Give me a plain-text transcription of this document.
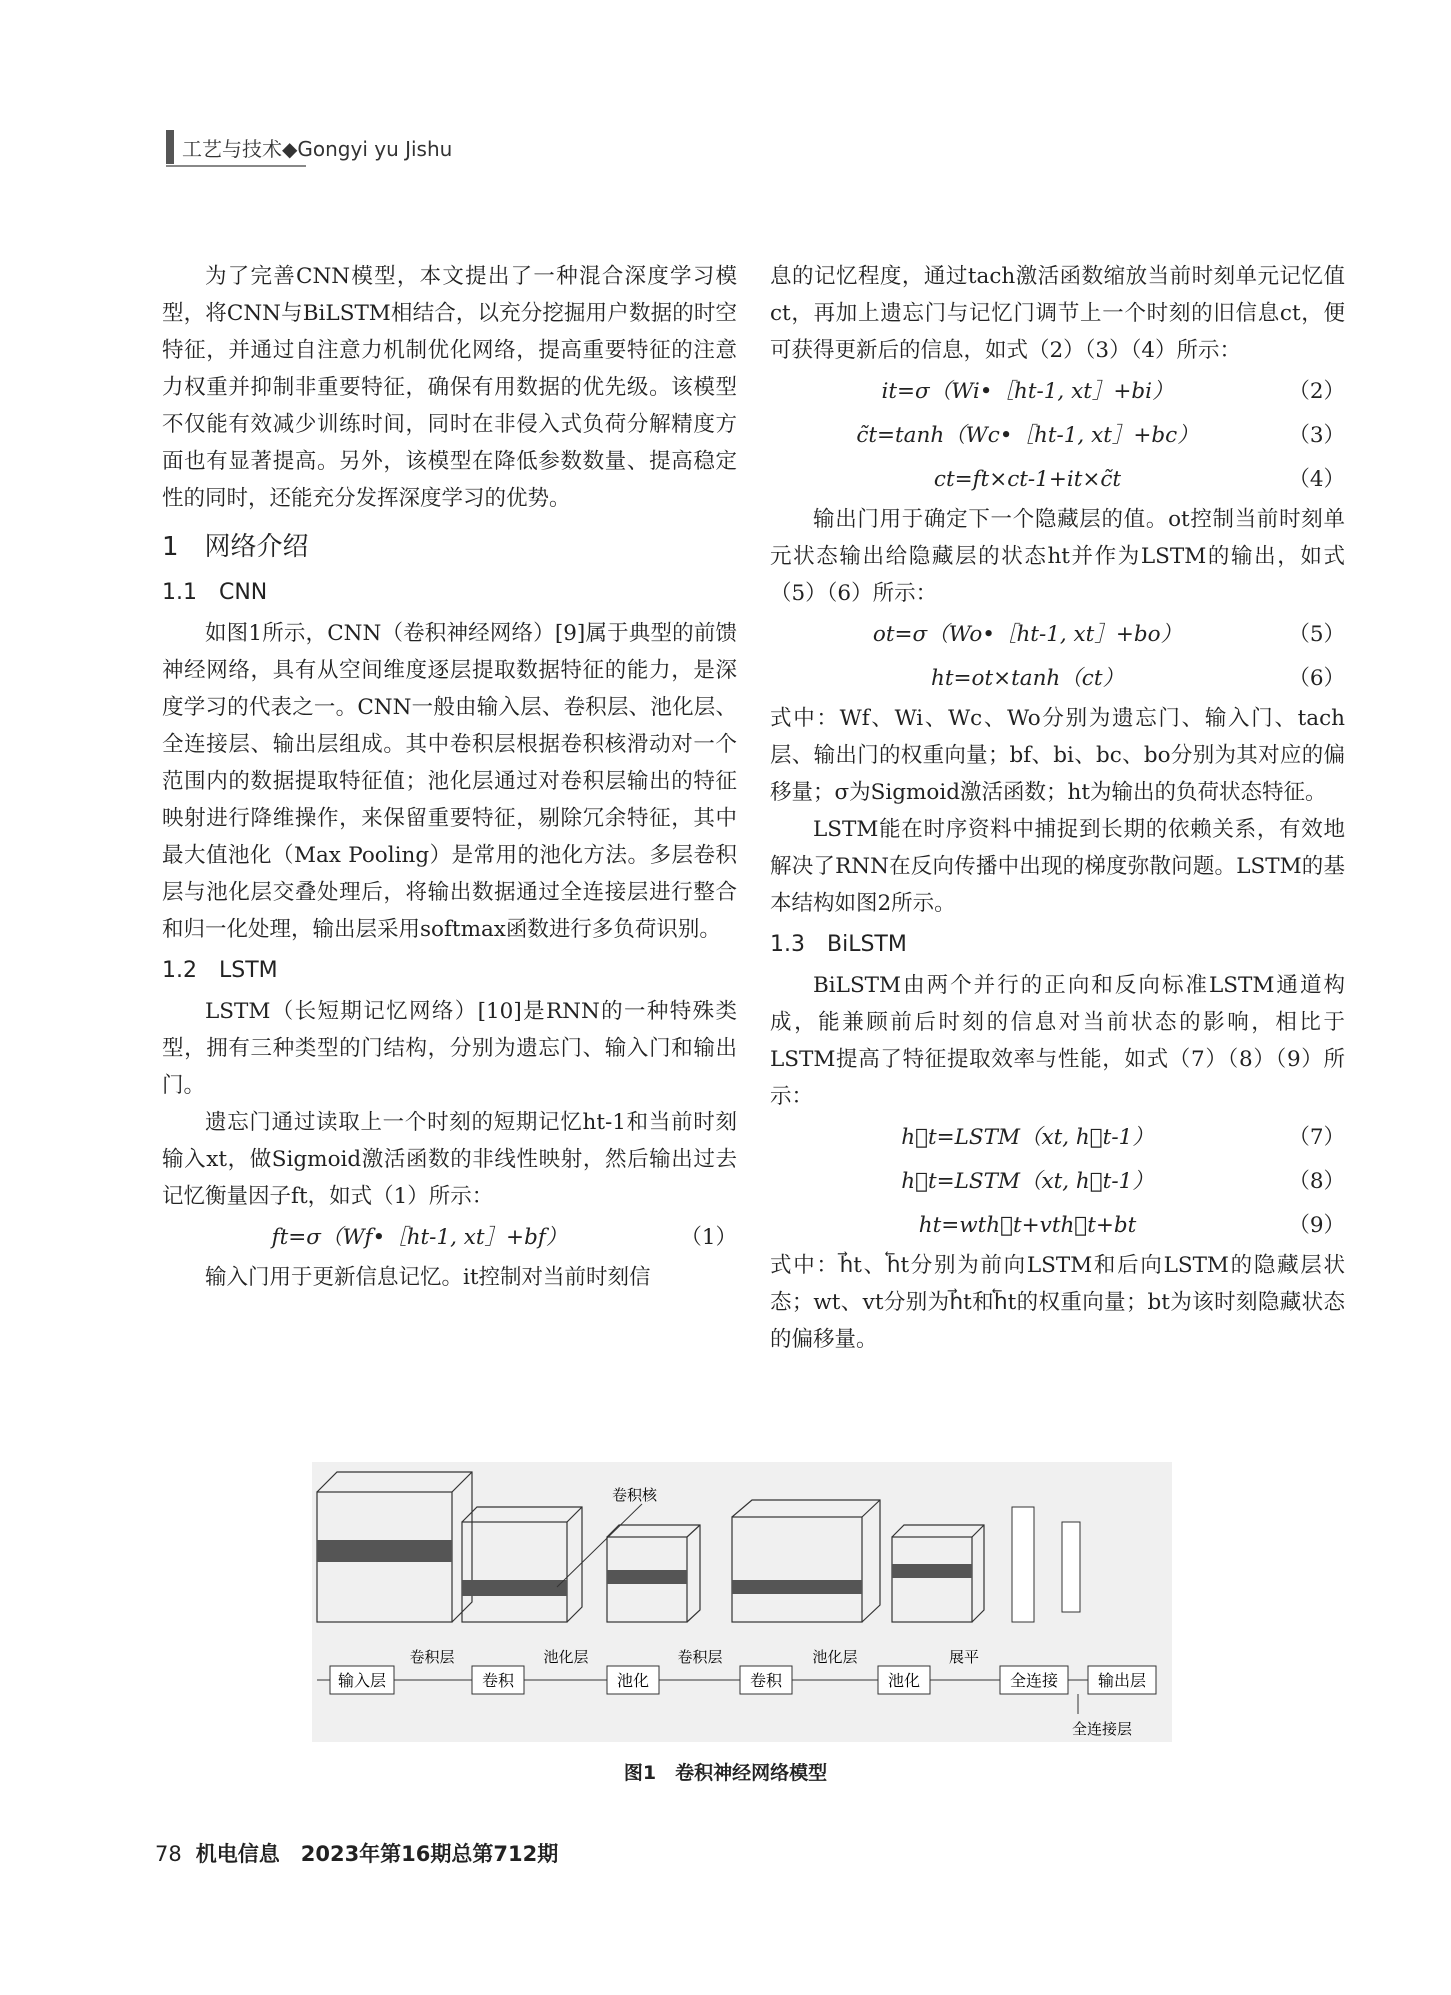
工艺与技术◆Gongyi yu Jishu

为了完善CNN模型，本文提出了一种混合深度学习模型，将CNN与BiLSTM相结合，以充分挖掘用户数据的时空特征，并通过自注意力机制优化网络，提高重要特征的注意力权重并抑制非重要特征，确保有用数据的优先级。该模型不仅能有效减少训练时间，同时在非侵入式负荷分解精度方面也有显著提高。另外，该模型在降低参数数量、提高稳定性的同时，还能充分发挥深度学习的优势。

1　网络介绍

1.1　CNN

如图1所示，CNN（卷积神经网络）[9]属于典型的前馈神经网络，具有从空间维度逐层提取数据特征的能力，是深度学习的代表之一。CNN一般由输入层、卷积层、池化层、全连接层、输出层组成。其中卷积层根据卷积核滑动对一个范围内的数据提取特征值；池化层通过对卷积层输出的特征映射进行降维操作，来保留重要特征，剔除冗余特征，其中最大值池化（Max Pooling）是常用的池化方法。多层卷积层与池化层交叠处理后，将输出数据通过全连接层进行整合和归一化处理，输出层采用softmax函数进行多负荷识别。

1.2　LSTM

LSTM（长短期记忆网络）[10]是RNN的一种特殊类型，拥有三种类型的门结构，分别为遗忘门、输入门和输出门。

遗忘门通过读取上一个时刻的短期记忆ht-1和当前时刻输入xt，做Sigmoid激活函数的非线性映射，然后输出过去记忆衡量因子ft，如式（1）所示：

ft=σ（Wf•［ht-1, xt］+bf）	（1）

输入门用于更新信息记忆。it控制对当前时刻信

息的记忆程度，通过tach激活函数缩放当前时刻单元记忆值ct，再加上遗忘门与记忆门调节上一个时刻的旧信息ct，便可获得更新后的信息，如式（2）（3）（4）所示：

it=σ（Wi•［ht-1, xt］+bi）	（2）
c̃t=tanh（Wc•［ht-1, xt］+bc）	（3）
ct=ft×ct-1+it×c̃t	（4）

输出门用于确定下一个隐藏层的值。ot控制当前时刻单元状态输出给隐藏层的状态ht并作为LSTM的输出，如式（5）（6）所示：

ot=σ（Wo•［ht-1, xt］+bo）	（5）
ht=ot×tanh（ct）	（6）

式中：Wf、Wi、Wc、Wo分别为遗忘门、输入门、tach层、输出门的权重向量；bf、bi、bc、bo分别为其对应的偏移量；σ为Sigmoid激活函数；ht为输出的负荷状态特征。

LSTM能在时序资料中捕捉到长期的依赖关系，有效地解决了RNN在反向传播中出现的梯度弥散问题。LSTM的基本结构如图2所示。

1.3　BiLSTM

BiLSTM由两个并行的正向和反向标准LSTM通道构成，能兼顾前后时刻的信息对当前状态的影响，相比于LSTM提高了特征提取效率与性能，如式（7）（8）（9）所示：

h⃗t=LSTM（xt, h⃗t-1）	（7）
h⃖t=LSTM（xt, h⃖t-1）	（8）
ht=wth⃗t+vth⃖t+bt	（9）

式中：h⃗t、h⃖t分别为前向LSTM和后向LSTM的隐藏层状态；wt、vt分别为h⃗t和h⃖t的权重向量；bt为该时刻隐藏状态的偏移量。

卷积核
输入层	卷积	池化	卷积	池化	全连接 输出层
卷积层	池化层	卷积层	池化层	展平
全连接层
图1　卷积神经网络模型
78 机电信息　2023年第16期总第712期
